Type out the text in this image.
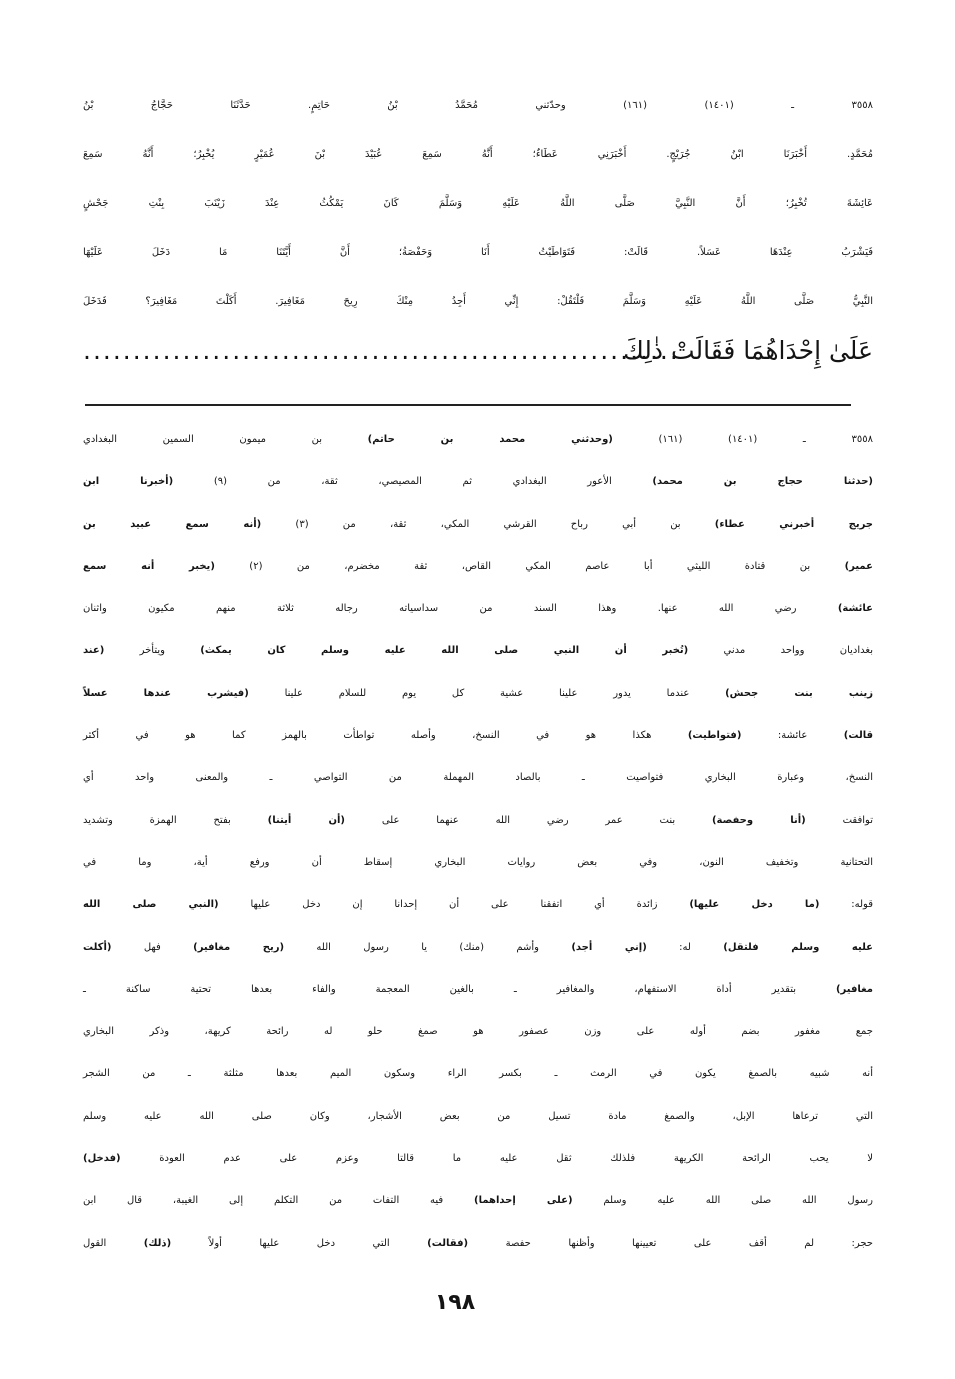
٣٥٥٨ ـ (١٤٠١) (١٦١) وحدّثني مُحَمَّدُ بْنُ حَاتِمٍ. حَدَّثَنَا حَجَّاجُ بْنُ
مُحَمَّدٍ. أَخْبَرَنَا ابْنُ جُرَيْجٍ. أَخْبَرَنِي عَطَاءٌ؛ أَنَّهُ سَمِعَ عُبَيْدَ بْنَ عُمَيْرٍ يُخْبِرُ؛ أَنَّهُ سَمِعَ
عَائِشَةَ تُخْبِرُ؛ أَنَّ النَّبِيَّ صَلَّى اللَّهُ عَلَيْهِ وَسَلَّمَ كَانَ يَمْكُثُ عِنْدَ زَيْنَبَ بِنْتِ جَحْشٍ
فَيَشْرَبُ عِنْدَهَا عَسَلاً. قَالَتْ: فَتَوَاطَيْتُ أَنَا وَحَفْصَةُ؛ أَنَّ أَيَّتَنَا مَا دَخَلَ عَلَيْهَا
النَّبِيُّ صَلَّى اللَّهُ عَلَيْهِ وَسَلَّمَ فَلْتَقُلْ: إِنِّي أَجِدُ مِنْكَ رِيحَ مَغَافِيرَ. أَكَلْتَ مَغَافِيرَ؟ فَدَخَلَ
عَلَىٰ إِحْدَاهُمَا فَقَالَتْ ذٰلِكَ
............................................................
٣٥٥٨ ـ (١٤٠١) (١٦١) (وحدثني محمد بن حاتم) بن ميمون السمين البغدادي
(حدثنا حجاج بن محمد) الأعور البغدادي ثم المصيصي، ثقة، من (٩) (أخبرنا ابن
جريج أخبرني عطاء) بن أبي رباح القرشي المكي، ثقة، من (٣) (أنه سمع عبيد بن
عمير) بن قتادة الليثي أبا عاصم المكي القاص، ثقة مخضرم، من (٢) (يخبر أنه سمع
عائشة) رضي الله عنها. وهذا السند من سداسياته رجاله ثلاثة منهم مكيون واثنان
بغداديان وواحد مدني (تُخبر أن النبي صلى الله عليه وسلم كان يمكث) ويتأخر (عند
زينب بنت جحش) عندما يدور علينا عشية كل يوم للسلام علينا (فيشرب عندها عسلاً
قالت) عائشة: (فتواطيت) هكذا هو في النسخ، وأصله تواطأت بالهمز كما هو في أكثر
النسخ، وعبارة البخاري فتواصيت ـ بالصاد المهملة من التواصي ـ والمعنى واحد أي
توافقت (أنا وحفصة) بنت عمر رضي الله عنهما على (أن أيتنا) بفتح الهمزة وتشديد
التحتانية وتخفيف النون، وفي بعض روايات البخاري إسقاط أن ورفع أية، وما في
قوله: (ما دخل عليها) زائدة أي اتفقنا على أن إحدانا إن دخل عليها (النبي صلى الله
عليه وسلم فلتقل) له: (إني أجد) وأشم (منك) يا رسول الله (ريح مغافير) فهل (أكلت
مغافير) بتقدير أداة الاستفهام، والمغافير ـ بالغين المعجمة والفاء بعدها تحتية ساكنة ـ
جمع مغفور بضم أوله على وزن عصفور هو صمغ حلو له رائحة كريهة، وذكر البخاري
أنه شبيه بالصمغ يكون في الرمث ـ بكسر الراء وسكون الميم بعدها مثلثة ـ من الشجر
التي ترعاها الإبل، والصمغ مادة تسيل من بعض الأشجار، وكان صلى الله عليه وسلم
لا يحب الرائحة الكريهة فلذلك ثقل عليه ما قالتا وعزم على عدم العودة (فدخل)
رسول الله صلى الله عليه وسلم (على إحداهما) فيه التفات من التكلم إلى الغيبة، قال ابن
حجر: لم أقف على تعيينها وأظنها حفصة (فقالت) التي دخل عليها أولاً (ذلك) القول
١٩٨
